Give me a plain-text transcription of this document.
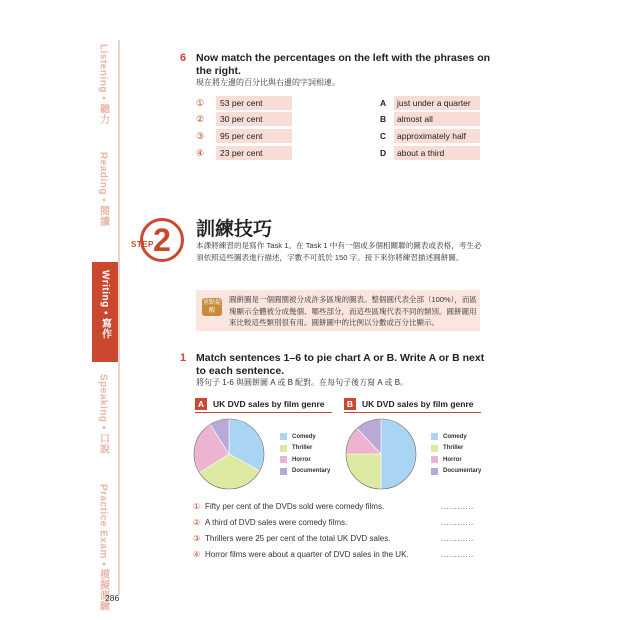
Listening • 聽力
Reading • 閱讀
Writing • 寫作
Speaking • 口說
Practice Exam • 模擬測驗
6 Now match the percentages on the left with the phrases on the right.
現在將左邊的百分比與右邊的字詞相連。
①	53 per cent
②	30 per cent
③	95 per cent
④	23 per cent
A	just under a quarter
B	almost all
C	approximately half
D	about a third
STEP 2	訓練技巧
本課將練習的是寫作 Task 1。在 Task 1 中有一個或多個相關聯的圖表或表格，考生必須依照這些圖表進行描述，字數不可低於 150 字。接下來你將練習描述圓餅圖。
重點提醒
圓餅圖是一個圓圈被分成許多區塊的圖表。整個圓代表全部（100%），而區塊顯示全體被分成幾個、哪些部分，而這些區塊代表不同的類別。圓餅圖用來比較這些類別很有用。圓餅圖中的比例以分數或百分比顯示。
1 Match sentences 1–6 to pie chart A or B. Write A or B next to each sentence.
將句子 1-6 與圓餅圖 A 或 B 配對。在每句子後方寫 A 或 B。
A	UK DVD sales by film genre	B	UK DVD sales by film genre
Comedy
Thriller
Horror
Documentary
Comedy
Thriller
Horror
Documentary
① Fifty per cent of the DVDs sold were comedy films.	............
② A third of DVD sales were comedy films.	............
③ Thrillers were 25 per cent of the total UK DVD sales.	............
④ Horror films were about a quarter of DVD sales in the UK.	............
286
